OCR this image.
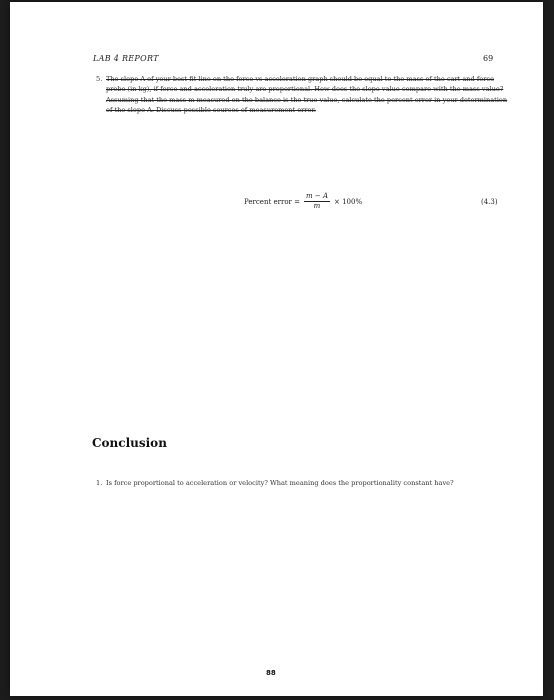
LAB 4 REPORT	69
5. The slope A of your best-fit line on the force vs acceleration graph should be equal to the mass of the cart and force probe (in kg), if force and acceleration truly are proportional. How does the slope value compare with the mass value? Assuming that the mass m measured on the balance is the true value, calculate the percent error in your determination of the slope A. Discuss possible sources of measurement error.
Percent error = $\frac{m - A}{m} \times 100\%$	(4.3)
Conclusion
1. Is force proportional to acceleration or velocity? What meaning does the proportionality constant have?
88
